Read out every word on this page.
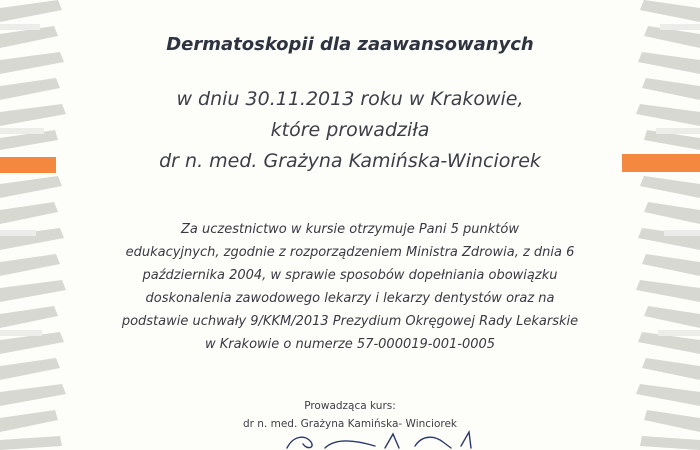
Dermatoskopii dla zaawansowanych

w dniu 30.11.2013 roku w Krakowie,

które prowadziła

dr n. med. Grażyna Kamińska-Winciorek

Za uczestnictwo w kursie otrzymuje Pani 5 punktów
edukacyjnych, zgodnie z rozporządzeniem Ministra Zdrowia, z dnia 6
października 2004, w sprawie sposobów dopełniania obowiązku
doskonalenia zawodowego lekarzy i lekarzy dentystów oraz na
podstawie uchwały 9/KKM/2013 Prezydium Okręgowej Rady Lekarskie
w Krakowie o numerze 57-000019-001-0005
Prowadząca kurs:
dr n. med. Grażyna Kamińska- Winciorek
